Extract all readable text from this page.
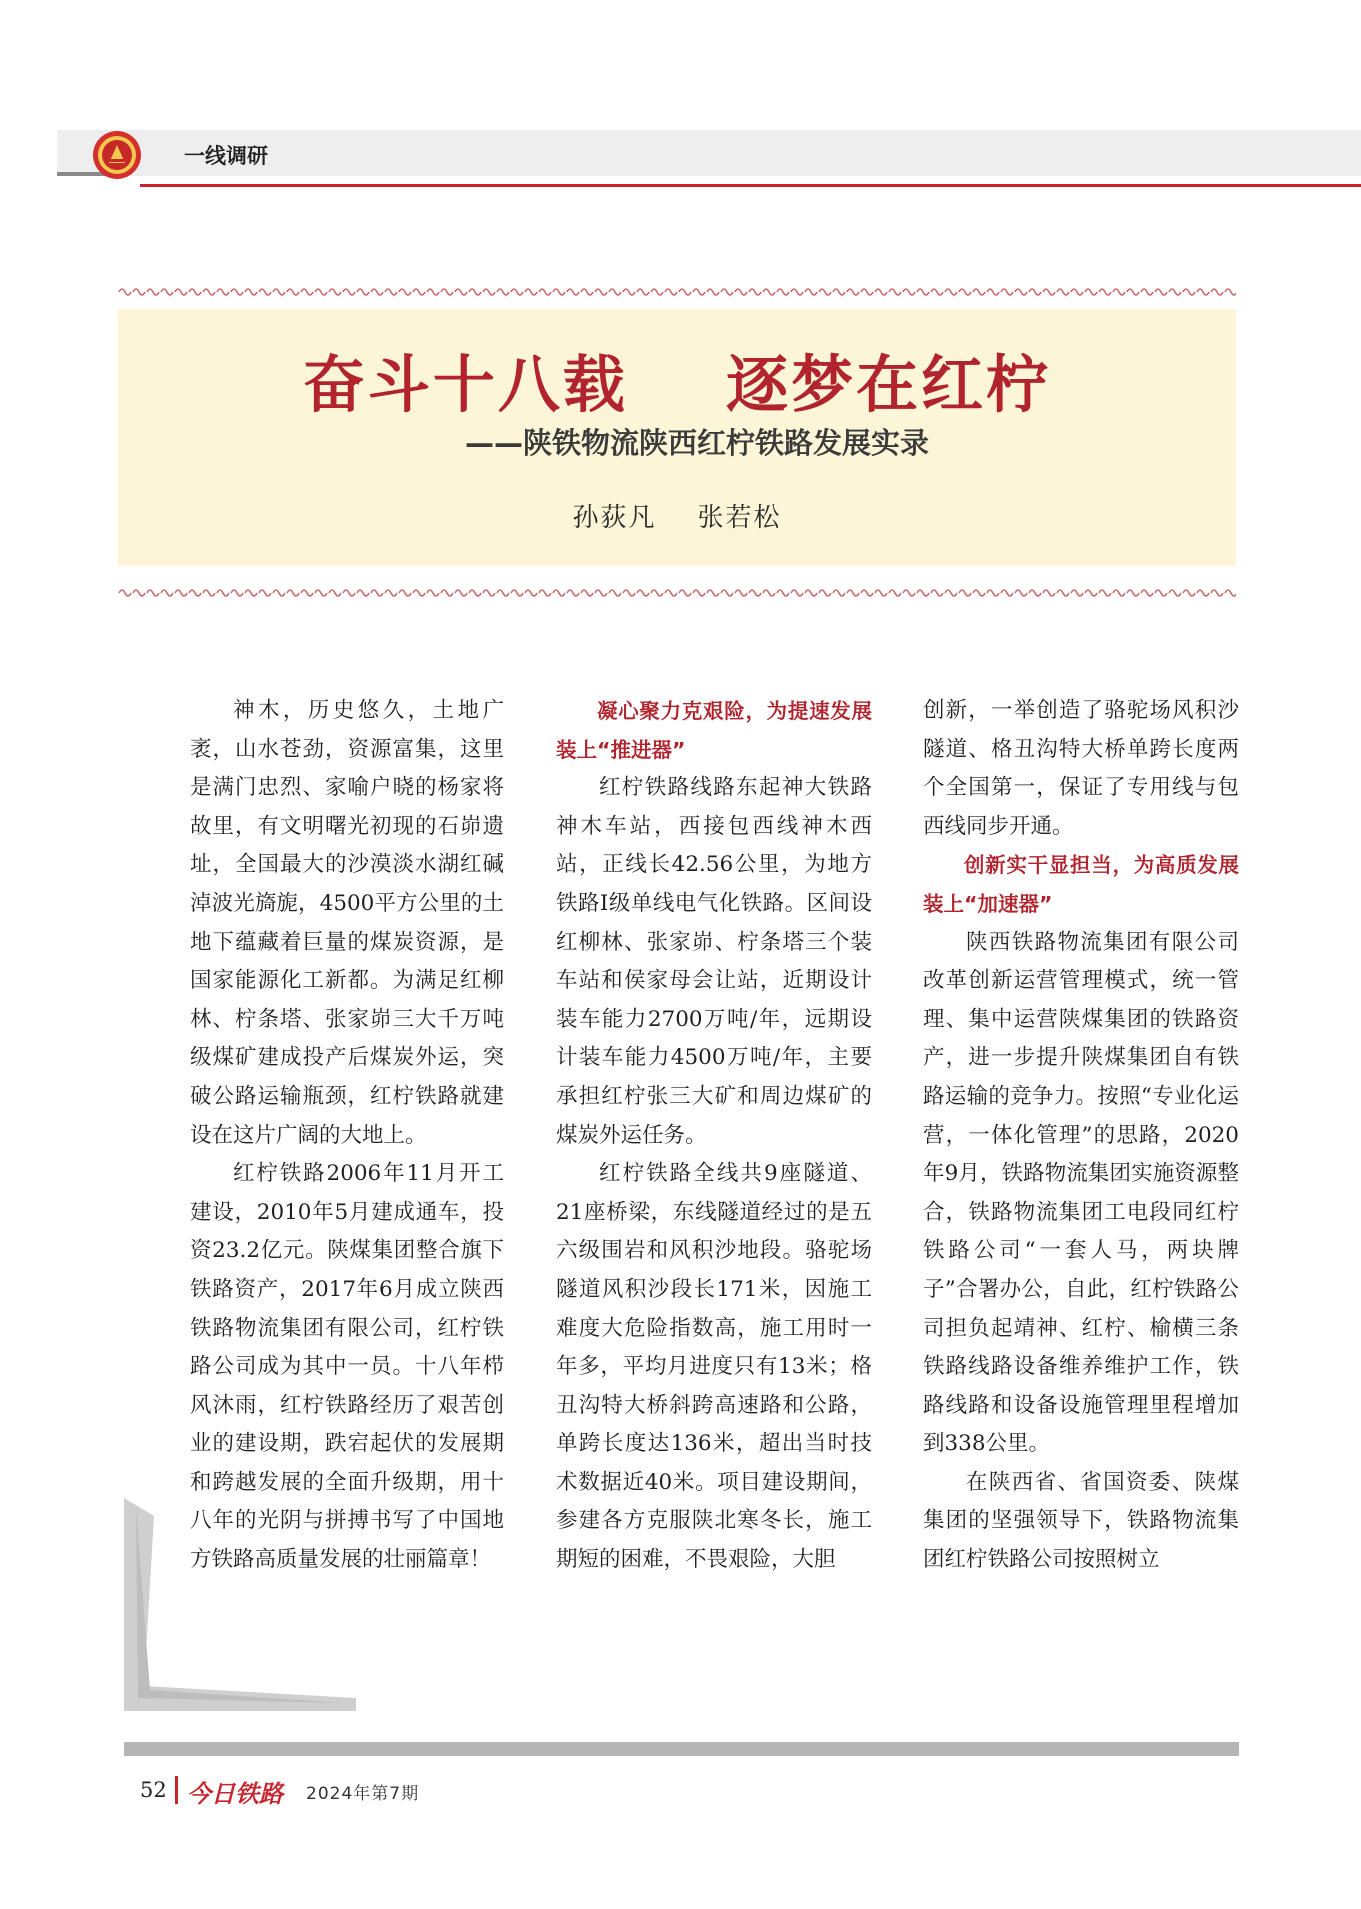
一线调研
奋斗十八载    逐梦在红柠
——陕铁物流陕西红柠铁路发展实录
孙荻凡    张若松

神木，历史悠久，土地广袤，山水苍劲，资源富集，这里是满门忠烈、家喻户晓的杨家将故里，有文明曙光初现的石峁遗址，全国最大的沙漠淡水湖红碱淖波光旖旎，4500平方公里的土地下蕴藏着巨量的煤炭资源，是国家能源化工新都。为满足红柳林、柠条塔、张家峁三大千万吨级煤矿建成投产后煤炭外运，突破公路运输瓶颈，红柠铁路就建设在这片广阔的大地上。

红柠铁路2006年11月开工建设，2010年5月建成通车，投资23.2亿元。陕煤集团整合旗下铁路资产，2017年6月成立陕西铁路物流集团有限公司，红柠铁路公司成为其中一员。十八年栉风沐雨，红柠铁路经历了艰苦创业的建设期，跌宕起伏的发展期和跨越发展的全面升级期，用十八年的光阴与拼搏书写了中国地方铁路高质量发展的壮丽篇章！

凝心聚力克艰险，为提速发展装上“推进器”

红柠铁路线路东起神大铁路神木车站，西接包西线神木西站，正线长42.56公里，为地方铁路I级单线电气化铁路。区间设红柳林、张家峁、柠条塔三个装车站和侯家母会让站，近期设计装车能力2700万吨/年，远期设计装车能力4500万吨/年，主要承担红柠张三大矿和周边煤矿的煤炭外运任务。

红柠铁路全线共9座隧道、21座桥梁，东线隧道经过的是五六级围岩和风积沙地段。骆驼场隧道风积沙段长171米，因施工难度大危险指数高，施工用时一年多，平均月进度只有13米；格丑沟特大桥斜跨高速路和公路，单跨长度达136米，超出当时技术数据近40米。项目建设期间，参建各方克服陕北寒冬长，施工期短的困难，不畏艰险，大胆

创新，一举创造了骆驼场风积沙隧道、格丑沟特大桥单跨长度两个全国第一，保证了专用线与包西线同步开通。

创新实干显担当，为高质发展装上“加速器”

陕西铁路物流集团有限公司改革创新运营管理模式，统一管理、集中运营陕煤集团的铁路资产，进一步提升陕煤集团自有铁路运输的竞争力。按照“专业化运营，一体化管理”的思路，2020年9月，铁路物流集团实施资源整合，铁路物流集团工电段同红柠铁路公司“一套人马，两块牌子”合署办公，自此，红柠铁路公司担负起靖神、红柠、榆横三条铁路线路设备维养维护工作，铁路线路和设备设施管理里程增加到338公里。

在陕西省、省国资委、陕煤集团的坚强领导下，铁路物流集团红柠铁路公司按照树立

52 今日铁路 2024年第7期
